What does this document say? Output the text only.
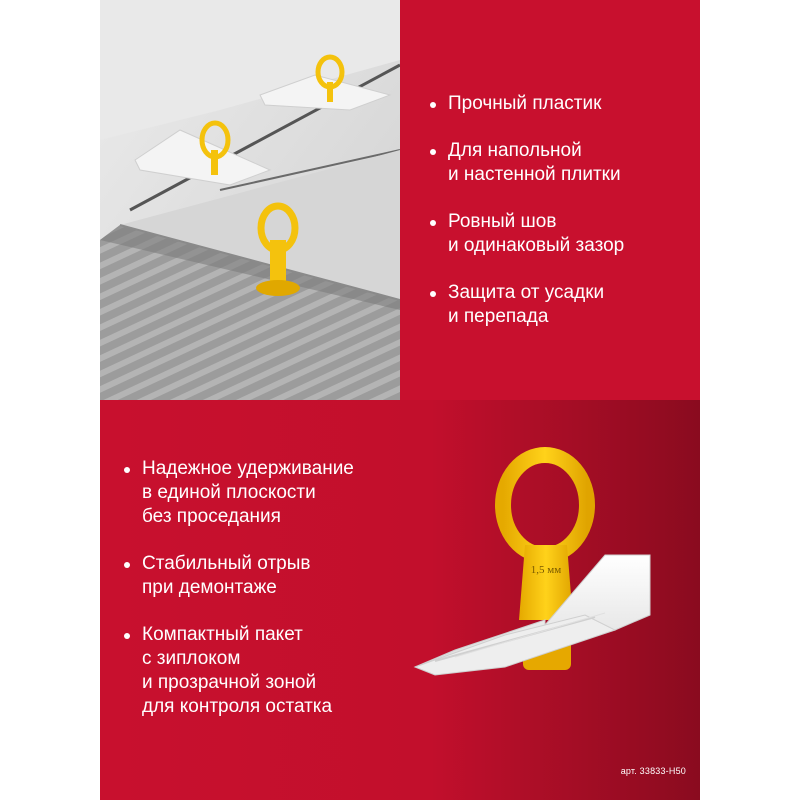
Прочный пластик
Для напольной
и настенной плитки
Ровный шов
и одинаковый зазор
Защита от усадки
и перепада
Надежное удерживание
в единой плоскости
без проседания
Стабильный отрыв
при демонтаже
Компактный пакет
с зиплоком
и прозрачной зоной
для контроля остатка
1,5 мм
арт. 33833-H50
